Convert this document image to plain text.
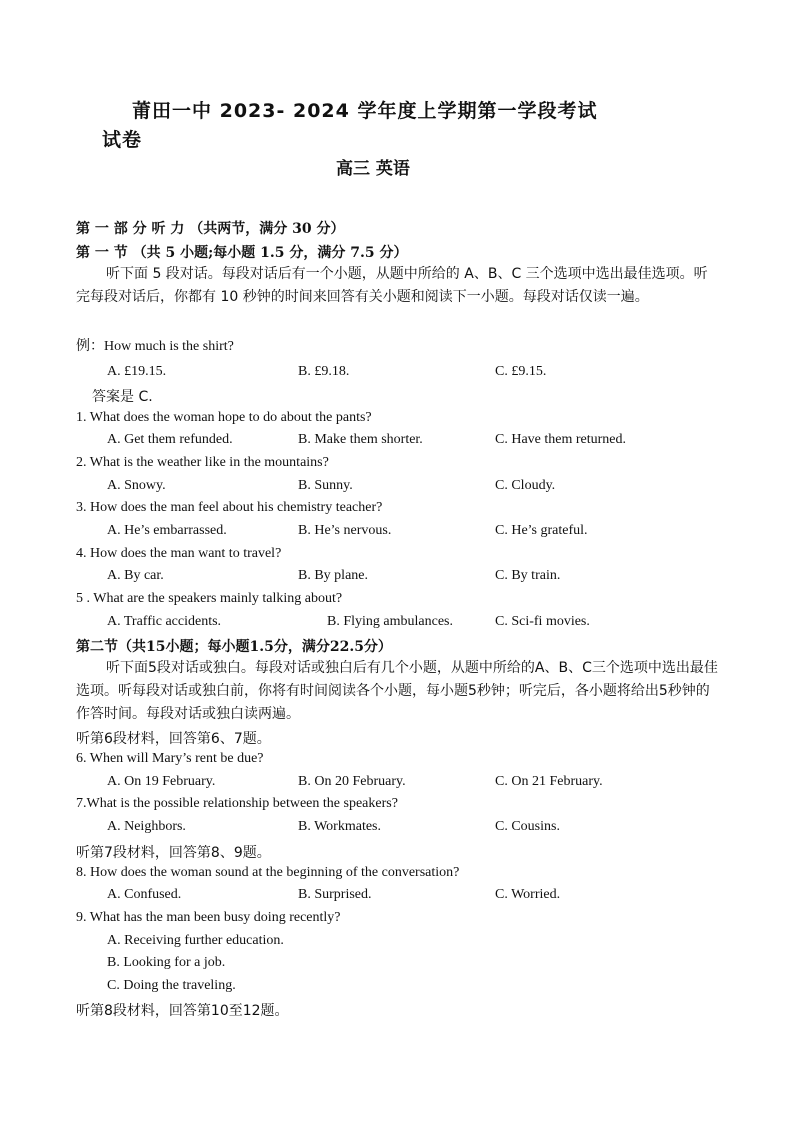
莆田一中 2023- 2024 学年度上学期第一学段考试
试卷
高三 英语
第 一 部 分 听 力 （共两节，满分 30 分）
第 一 节 （共 5 小题;每小题 1.5 分，满分 7.5 分）
听下面 5 段对话。每段对话后有一个小题，从题中所给的 A、B、C 三个选项中选出最佳选项。听完每段对话后，你都有 10 秒钟的时间来回答有关小题和阅读下一小题。每段对话仅读一遍。
例：How much is the shirt?
A. £19.15.	B. £9.18.	C. £9.15.
答案是 C.
1. What does the woman hope to do about the pants?
A. Get them refunded.	B. Make them shorter.	C. Have them returned.
2. What is the weather like in the mountains?
A. Snowy.	B. Sunny.	C. Cloudy.
3. How does the man feel about his chemistry teacher?
A. He’s embarrassed.	B. He’s nervous.	C. He’s grateful.
4. How does the man want to travel?
A. By car.	B. By plane.	C. By train.
5 . What are the speakers mainly talking about?
A. Traffic accidents.	B. Flying ambulances.	C. Sci-fi movies.
第二节（共15小题；每小题1.5分，满分22.5分）
听下面5段对话或独白。每段对话或独白后有几个小题，从题中所给的A、B、C三个选项中选出最佳选项。听每段对话或独白前，你将有时间阅读各个小题，每小题5秒钟；听完后，各小题将给出5秒钟的作答时间。每段对话或独白读两遍。
听第6段材料，回答第6、7题。
6. When will Mary’s rent be due?
A. On 19 February.	B. On 20 February.	C. On 21 February.
7.What is the possible relationship between the speakers?
A. Neighbors.	B. Workmates.	C. Cousins.
听第7段材料，回答第8、9题。
8. How does the woman sound at the beginning of the conversation?
A. Confused.	B. Surprised.	C. Worried.
9. What has the man been busy doing recently?
A. Receiving further education.
B. Looking for a job.
C. Doing the traveling.
听第8段材料，回答第10至12题。
